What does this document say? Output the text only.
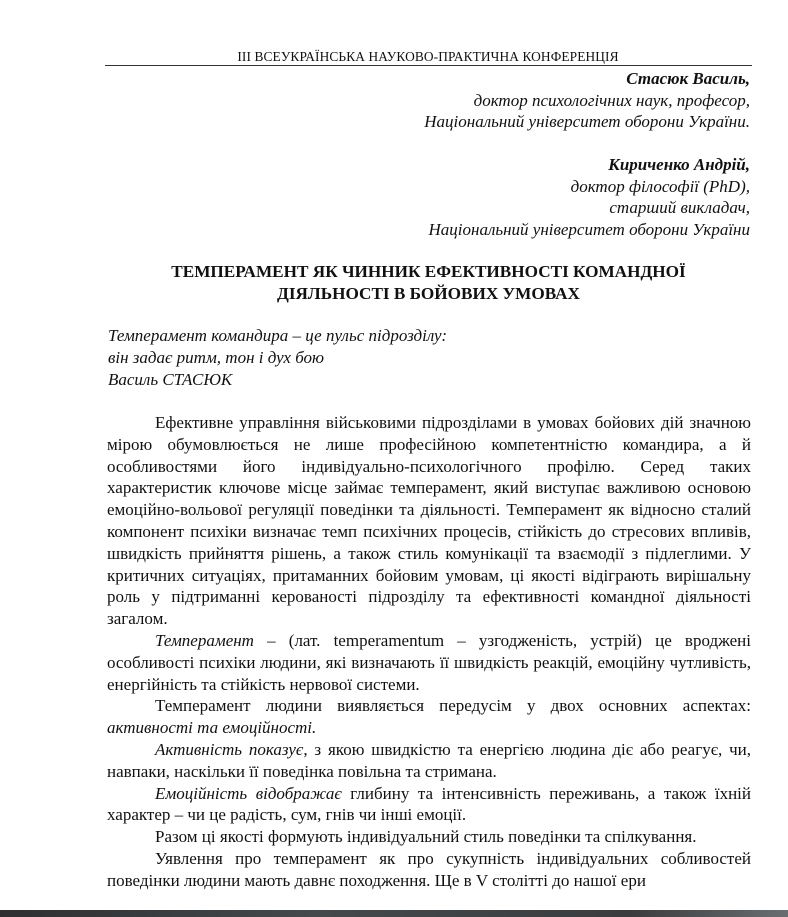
III ВСЕУКРАЇНСЬКА НАУКОВО-ПРАКТИЧНА КОНФЕРЕНЦІЯ
Стасюк Василь,
доктор психологічних наук, професор,
Національний університет оборони України.
Кириченко Андрій,
доктор філософії (PhD),
старший викладач,
Національний університет оборони України
ТЕМПЕРАМЕНТ ЯК ЧИННИК ЕФЕКТИВНОСТІ КОМАНДНОЇ
ДІЯЛЬНОСТІ В БОЙОВИХ УМОВАХ
Темперамент командира – це пульс підрозділу:
він задає ритм, тон і дух бою
Василь СТАСЮК

Ефективне управління військовими підрозділами в умовах бойових дій значною мірою обумовлюється не лише професійною компетентністю командира, а й особливостями його індивідуально-психологічного профілю. Серед таких характеристик ключове місце займає темперамент, який виступає важливою основою емоційно-вольової регуляції поведінки та діяльності. Темперамент як відносно сталий компонент психіки визначає темп психічних процесів, стійкість до стресових впливів, швидкість прийняття рішень, а також стиль комунікації та взаємодії з підлеглими. У критичних ситуаціях, притаманних бойовим умовам, ці якості відіграють вирішальну роль у підтриманні керованості підрозділу та ефективності командної діяльності загалом.

Темперамент – (лат. temperamentum – узгодженість, устрій) це вроджені особливості психіки людини, які визначають її швидкість реакцій, емоційну чутливість, енергійність та стійкість нервової системи.

Темперамент людини виявляється передусім у двох основних аспектах: активності та емоційності.

Активність показує, з якою швидкістю та енергією людина діє або реагує, чи, навпаки, наскільки її поведінка повільна та стримана.

Емоційність відображає глибину та інтенсивність переживань, а також їхній характер – чи це радість, сум, гнів чи інші емоції.

Разом ці якості формують індивідуальний стиль поведінки та спілкування.

Уявлення про темперамент як про сукупність індивідуальних собливостей поведінки людини мають давнє походження. Ще в V столітті до нашої ери
